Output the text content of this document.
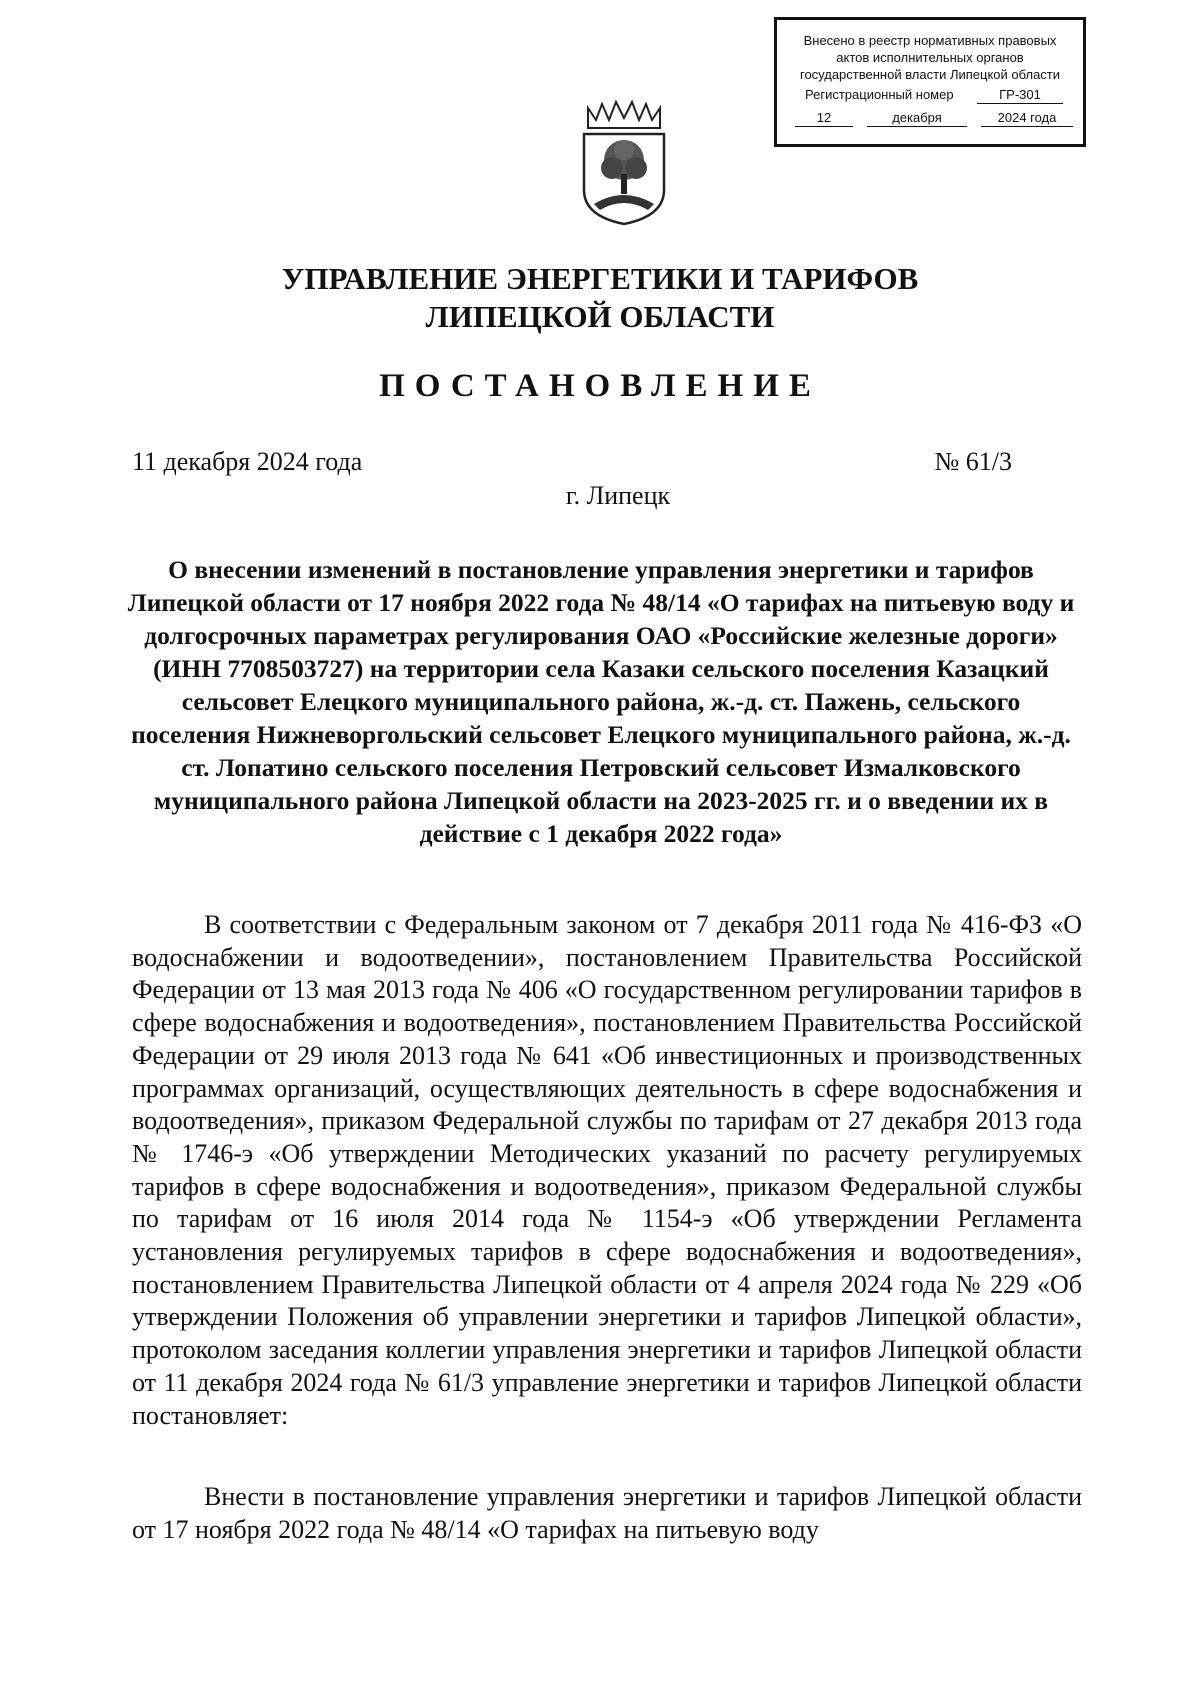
Внесено в реестр нормативных правовых
актов исполнительных органов
государственной власти Липецкой области
Регистрационный номер	ГР-301
12	декабря	2024 года
УПРАВЛЕНИЕ ЭНЕРГЕТИКИ И ТАРИФОВ
ЛИПЕЦКОЙ ОБЛАСТИ
ПОСТАНОВЛЕНИЕ
11 декабря 2024 года	№ 61/3
г. Липецк
О внесении изменений в постановление управления энергетики и тарифов Липецкой области от 17 ноября 2022 года № 48/14 «О тарифах на питьевую воду и долгосрочных параметрах регулирования ОАО «Российские железные дороги» (ИНН 7708503727) на территории села Казаки сельского поселения Казацкий сельсовет Елецкого муниципального района, ж.-д. ст. Пажень, сельского поселения Нижневоргольский сельсовет Елецкого муниципального района, ж.-д. ст. Лопатино сельского поселения Петровский сельсовет Измалковского муниципального района Липецкой области на 2023-2025 гг. и о введении их в действие с 1 декабря 2022 года»

В соответствии с Федеральным законом от 7 декабря 2011 года № 416-ФЗ «О водоснабжении и водоотведении», постановлением Правительства Российской Федерации от 13 мая 2013 года № 406 «О государственном регулировании тарифов в сфере водоснабжения и водоотведения», постановлением Правительства Российской Федерации от 29 июля 2013 года № 641 «Об инвестиционных и производственных программах организаций, осуществляющих деятельность в сфере водоснабжения и водоотведения», приказом Федеральной службы по тарифам от 27 декабря 2013 года № 1746-э «Об утверждении Методических указаний по расчету регулируемых тарифов в сфере водоснабжения и водоотведения», приказом Федеральной службы по тарифам от 16 июля 2014 года № 1154-э «Об утверждении Регламента установления регулируемых тарифов в сфере водоснабжения и водоотведения», постановлением Правительства Липецкой области от 4 апреля 2024 года № 229 «Об утверждении Положения об управлении энергетики и тарифов Липецкой области», протоколом заседания коллегии управления энергетики и тарифов Липецкой области от 11 декабря 2024 года № 61/3 управление энергетики и тарифов Липецкой области постановляет:

Внести в постановление управления энергетики и тарифов Липецкой области от 17 ноября 2022 года № 48/14 «О тарифах на питьевую воду
